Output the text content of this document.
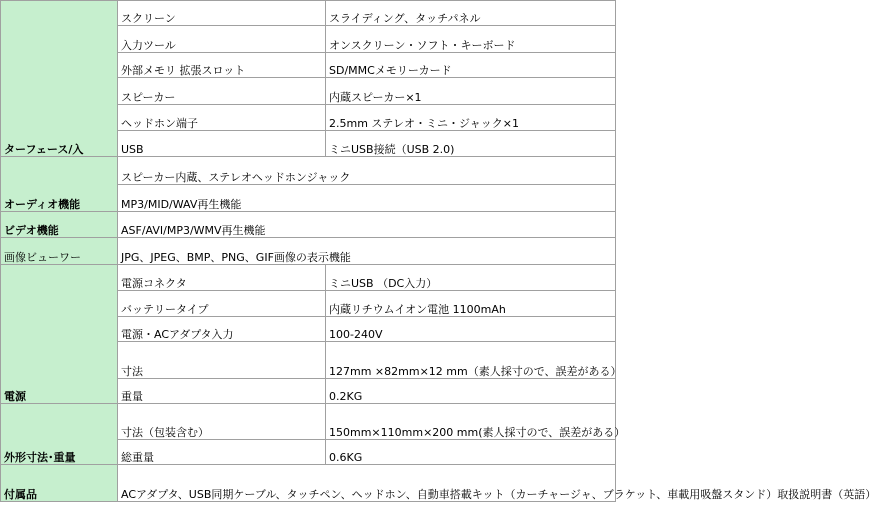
ターフェース/入	スクリーン	スライディング、タッチパネル
	入力ツール	オンスクリーン・ソフト・キーボード
	外部メモリ 拡張スロット	SD/MMCメモリーカード
	スピーカー	内蔵スピーカー×1
	ヘッドホン端子	2.5mm ステレオ・ミニ・ジャック×1
	USB	ミニUSB接続（USB 2.0)
オーディオ機能	スピーカー内蔵、ステレオヘッドホンジャック	
	MP3/MID/WAV再生機能	
ビデオ機能	ASF/AVI/MP3/WMV再生機能	
画像ビューワー	JPG、JPEG、BMP、PNG、GIF画像の表示機能	
電源	電源コネクタ	ミニUSB （DC入力）
	バッテリータイプ	内蔵リチウムイオン電池 1100mAh
	電源・ACアダプタ入力	100-240V
	寸法	127mm ×82mm×12 mm（素人採寸ので、誤差がある）
	重量	0.2KG
外形寸法･重量	寸法（包装含む）	150mm×110mm×200 mm(素人採寸ので、誤差がある）
	総重量	0.6KG
付属品	ACアダプタ、USB同期ケーブル、タッチペン、ヘッドホン、自動車搭載キット（カーチャージャ、ブラケット、車載用吸盤スタンド）取扱説明書（英語）	
